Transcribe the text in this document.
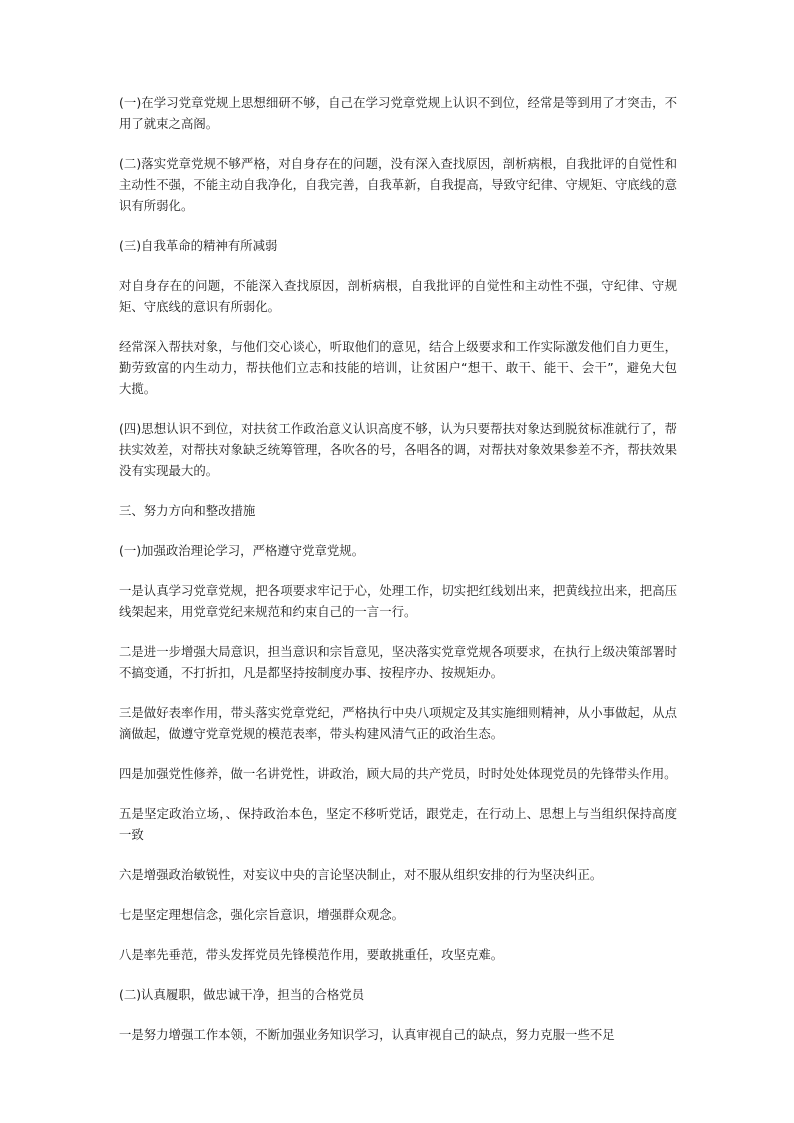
(一)在学习党章党规上思想细研不够，自己在学习党章党规上认识不到位，经常是等到用了才突击，不用了就束之高阁。

(二)落实党章党规不够严格，对自身存在的问题，没有深入查找原因，剖析病根，自我批评的自觉性和主动性不强，不能主动自我净化，自我完善，自我革新，自我提高，导致守纪律、守规矩、守底线的意识有所弱化。

(三)自我革命的精神有所减弱

对自身存在的问题，不能深入查找原因，剖析病根，自我批评的自觉性和主动性不强，守纪律、守规矩、守底线的意识有所弱化。

经常深入帮扶对象，与他们交心谈心，听取他们的意见，结合上级要求和工作实际激发他们自力更生，勤劳致富的内生动力，帮扶他们立志和技能的培训，让贫困户“想干、敢干、能干、会干”，避免大包大揽。

(四)思想认识不到位，对扶贫工作政治意义认识高度不够，认为只要帮扶对象达到脱贫标准就行了，帮扶实效差，对帮扶对象缺乏统筹管理，各吹各的号，各唱各的调，对帮扶对象效果参差不齐，帮扶效果没有实现最大的。

三、努力方向和整改措施

(一)加强政治理论学习，严格遵守党章党规。

一是认真学习党章党规，把各项要求牢记于心，处理工作，切实把红线划出来，把黄线拉出来，把高压线架起来，用党章党纪来规范和约束自己的一言一行。

二是进一步增强大局意识，担当意识和宗旨意见，坚决落实党章党规各项要求，在执行上级决策部署时不搞变通，不打折扣，凡是都坚持按制度办事、按程序办、按规矩办。

三是做好表率作用，带头落实党章党纪，严格执行中央八项规定及其实施细则精神，从小事做起，从点滴做起，做遵守党章党规的模范表率，带头构建风清气正的政治生态。

四是加强党性修养，做一名讲党性，讲政治，顾大局的共产党员，时时处处体现党员的先锋带头作用。

五是坚定政治立场，、保持政治本色，坚定不移听党话，跟党走，在行动上、思想上与当组织保持高度一致

六是增强政治敏锐性，对妄议中央的言论坚决制止，对不服从组织安排的行为坚决纠正。

七是坚定理想信念，强化宗旨意识，增强群众观念。

八是率先垂范，带头发挥党员先锋模范作用，要敢挑重任，攻坚克难。

(二)认真履职，做忠诚干净，担当的合格党员

一是努力增强工作本领，不断加强业务知识学习，认真审视自己的缺点，努力克服一些不足
